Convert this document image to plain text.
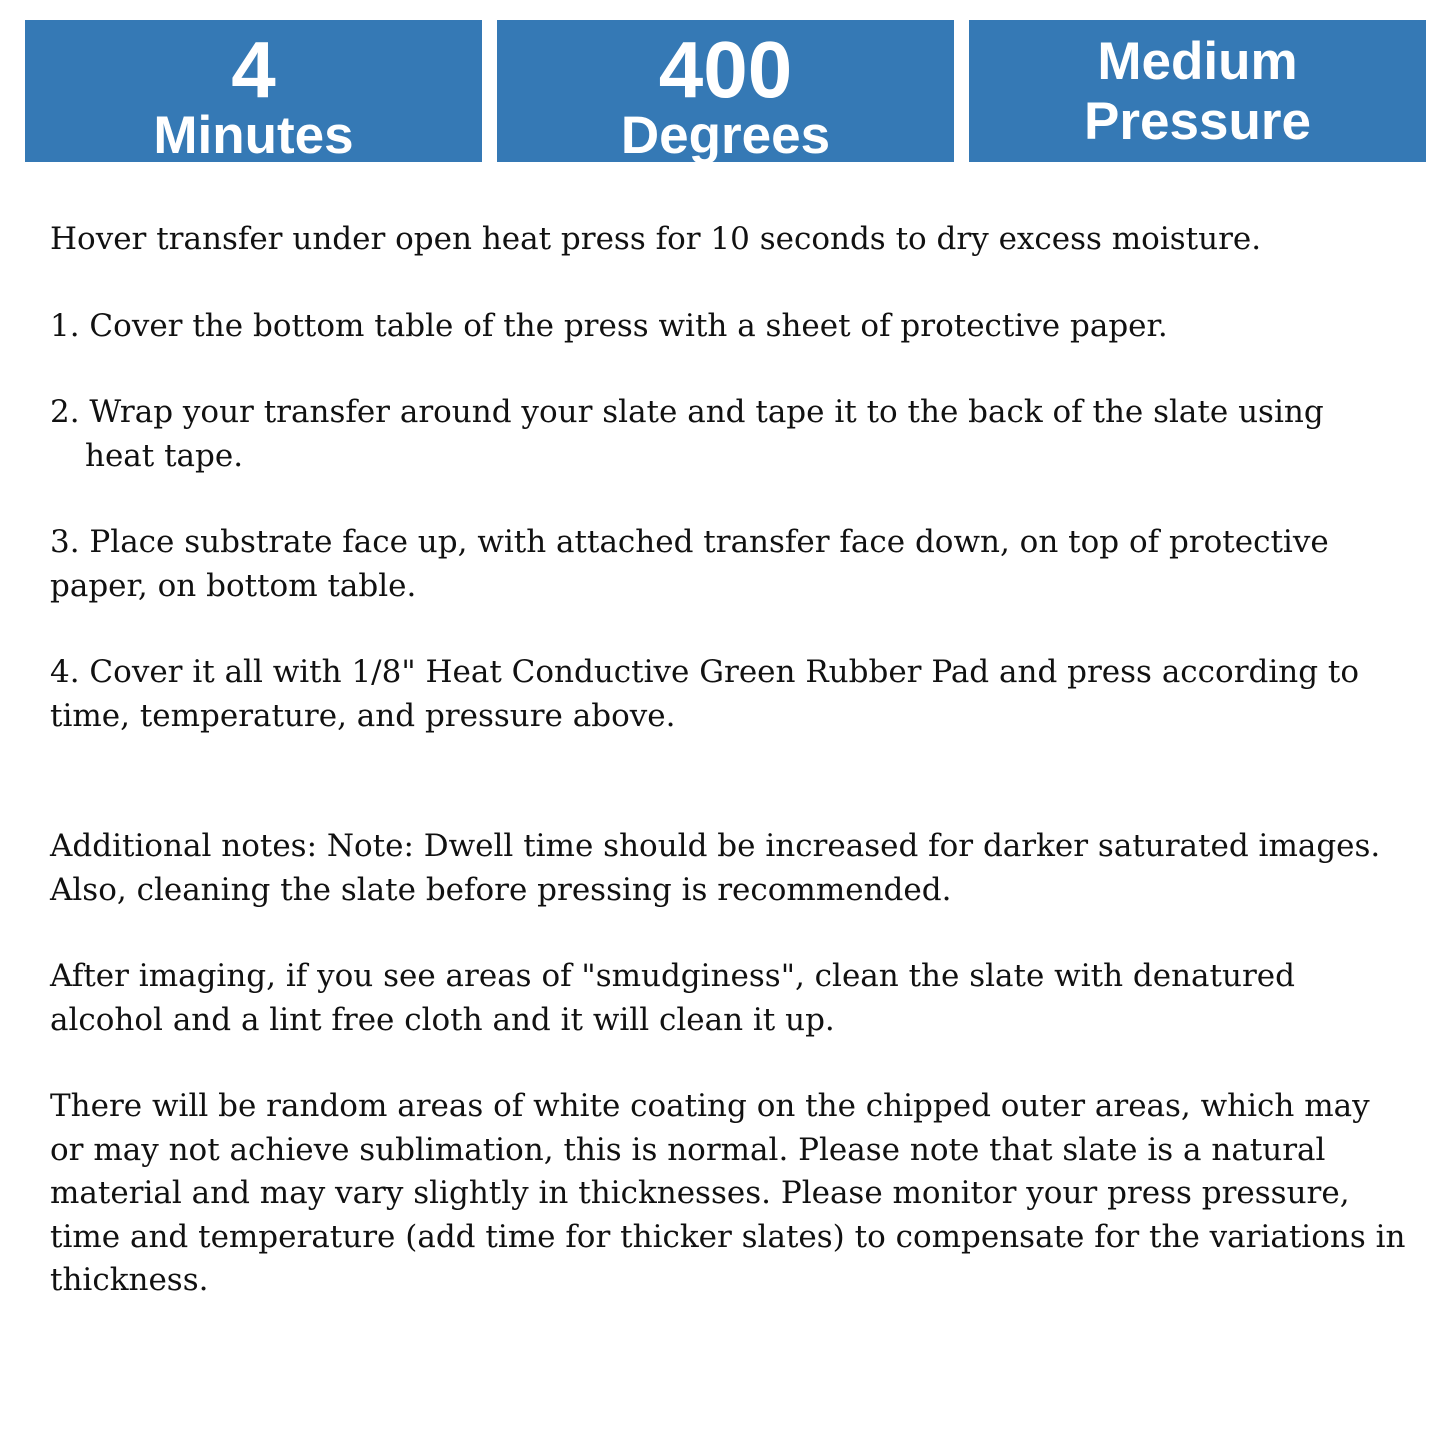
4
Minutes
400
Degrees
Medium
Pressure

Hover transfer under open heat press for 10 seconds to dry excess moisture.

1. Cover the bottom table of the press with a sheet of protective paper.

2. Wrap your transfer around your slate and tape it to the back of the slate using

heat tape.

3. Place substrate face up, with attached transfer face down, on top of protective paper, on bottom table.

4. Cover it all with 1/8" Heat Conductive Green Rubber Pad and press according to time, temperature, and pressure above.

Additional notes: Note: Dwell time should be increased for darker saturated images. Also, cleaning the slate before pressing is recommended.

After imaging, if you see areas of "smudginess", clean the slate with denatured alcohol and a lint free cloth and it will clean it up.

There will be random areas of white coating on the chipped outer areas, which may or may not achieve sublimation, this is normal. Please note that slate is a natural material and may vary slightly in thicknesses. Please monitor your press pressure, time and temperature (add time for thicker slates) to compensate for the variations in thickness.
